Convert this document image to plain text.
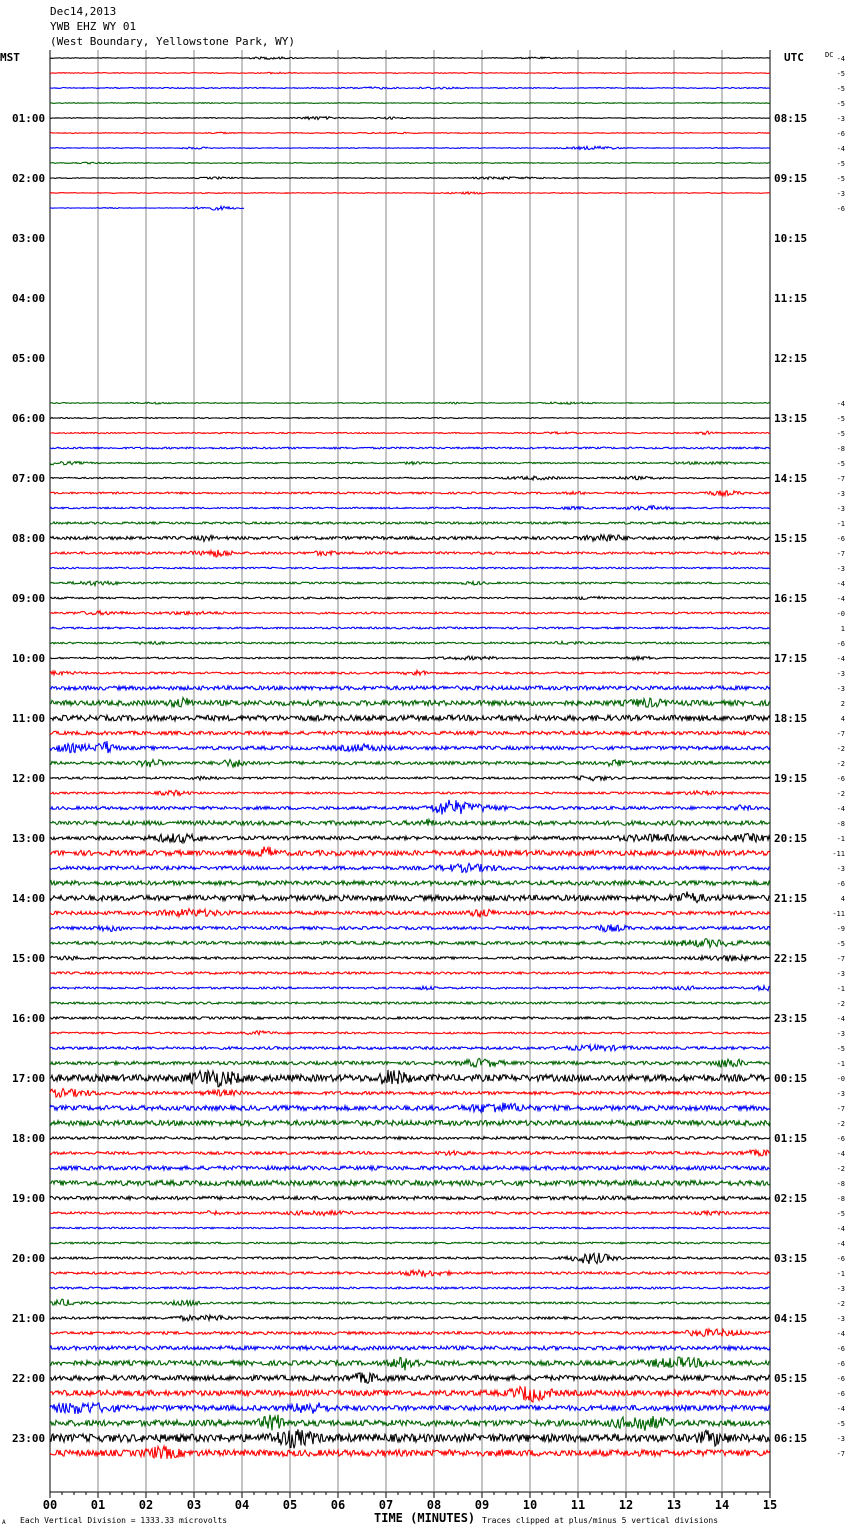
00	01	02	03	04	05	06	07	08	09	10	11	12	13	14	15
MST	UTC	DC
01:00
02:00
03:00
04:00
05:00
06:00
07:00
08:00
09:00
10:00
11:00
12:00
13:00
14:00
15:00
16:00
17:00
18:00
19:00
20:00
21:00
22:00
23:00
08:15
09:15
10:15
11:15
12:15
13:15
14:15
15:15
16:15
17:15
18:15
19:15
20:15
21:15
22:15
23:15
00:15
01:15
02:15
03:15
04:15
05:15
06:15
-4
-5
-5
-5
-3
-6
-4
-5
-5
-3
-6
-4
-5
-5
-8
-5
-7
-3
-3
-1
-6
-7
-3
-4
-4
-0
1
-6
-4
-3
-3
2
4
-7
-2
-2
-6
-2
-4
-8
-1
-11
-3
-6
4
-11
-9
-5
-7
-3
-1
-2
-4
-3
-5
-1
-0
-3
-7
-2
-6
-4
-2
-8
-8
-5
-4
-4
-6
-1
-3
-2
-3
-4
-6
-6
-6
-6
-4
-5
-3
-7
A Each Vertical Division = 1333.33 microvolts	TIME (MINUTES) Traces clipped at plus/minus 5 vertical divisions
Dec14,2013
YWB EHZ WY 01
(West Boundary, Yellowstone Park, WY)
